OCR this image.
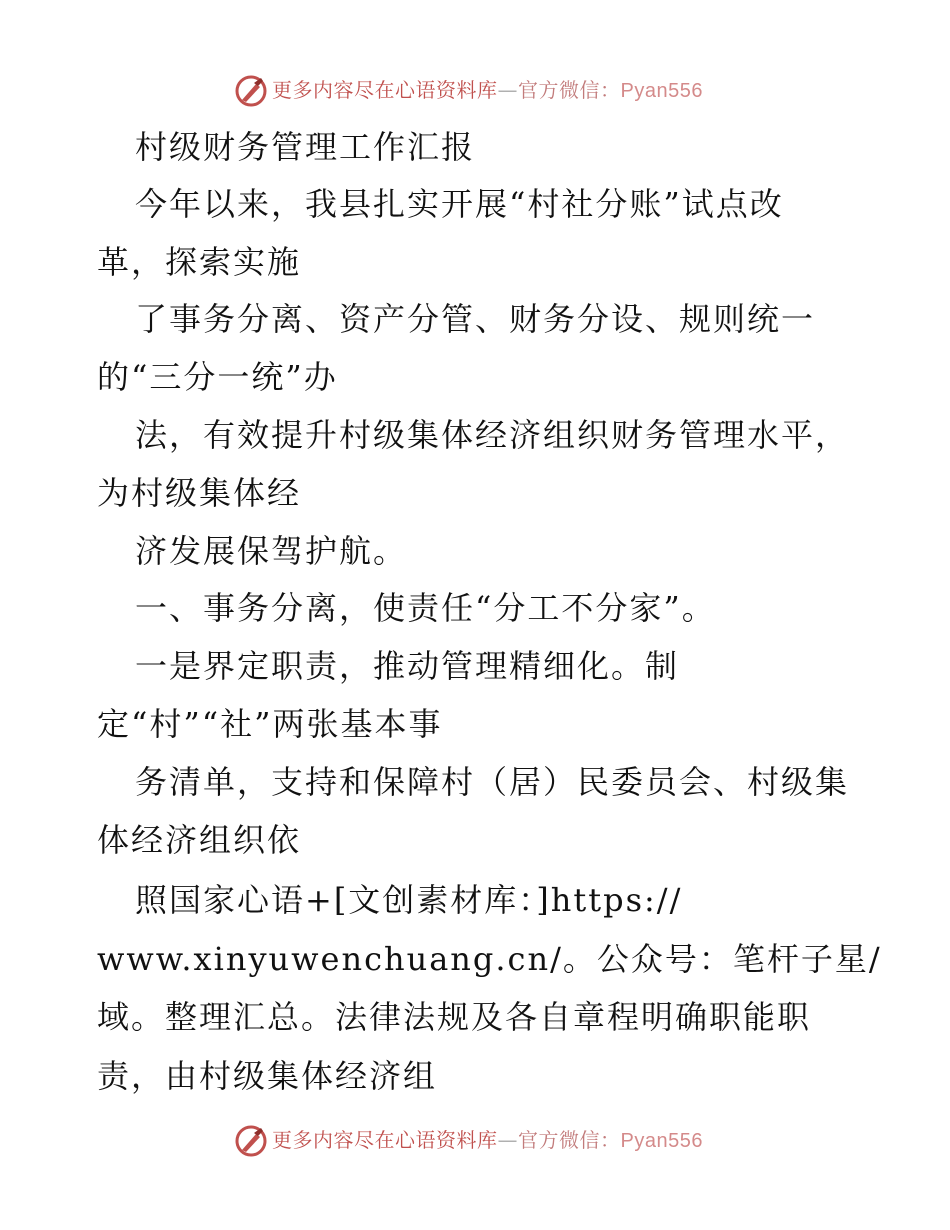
更多内容尽在心语资料库—官方微信：Pyan556
村级财务管理工作汇报
今年以来，我县扎实开展“村社分账”试点改
革，探索实施
了事务分离、资产分管、财务分设、规则统一
的“三分一统”办
法，有效提升村级集体经济组织财务管理水平，
为村级集体经
济发展保驾护航。
一、事务分离，使责任“分工不分家”。
一是界定职责，推动管理精细化。制
定“村”“社”两张基本事
务清单，支持和保障村（居）民委员会、村级集
体经济组织依
照国家心语+[文创素材库：]https://
www.xinyuwenchuang.cn/。公众号：笔杆子星/
域。整理汇总。法律法规及各自章程明确职能职
责，由村级集体经济组
更多内容尽在心语资料库—官方微信：Pyan556
